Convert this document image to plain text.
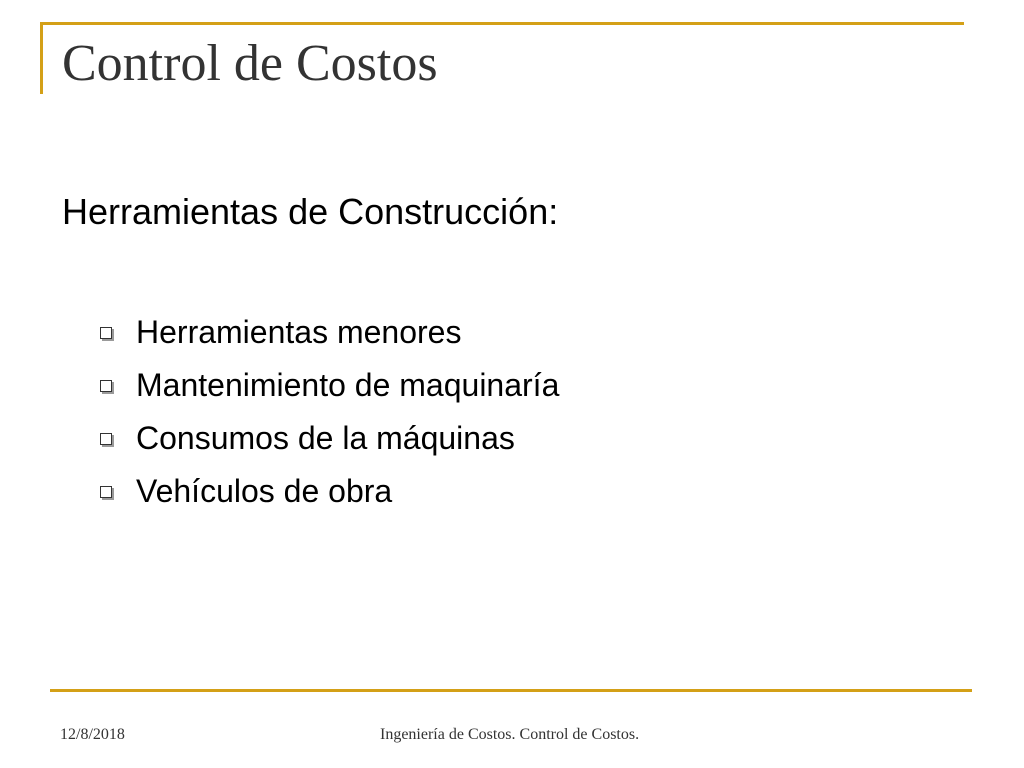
Control de Costos
Herramientas de Construcción:
Herramientas menores
Mantenimiento de maquinaría
Consumos de la máquinas
Vehículos de obra
12/8/2018	Ingeniería de Costos. Control de Costos.
